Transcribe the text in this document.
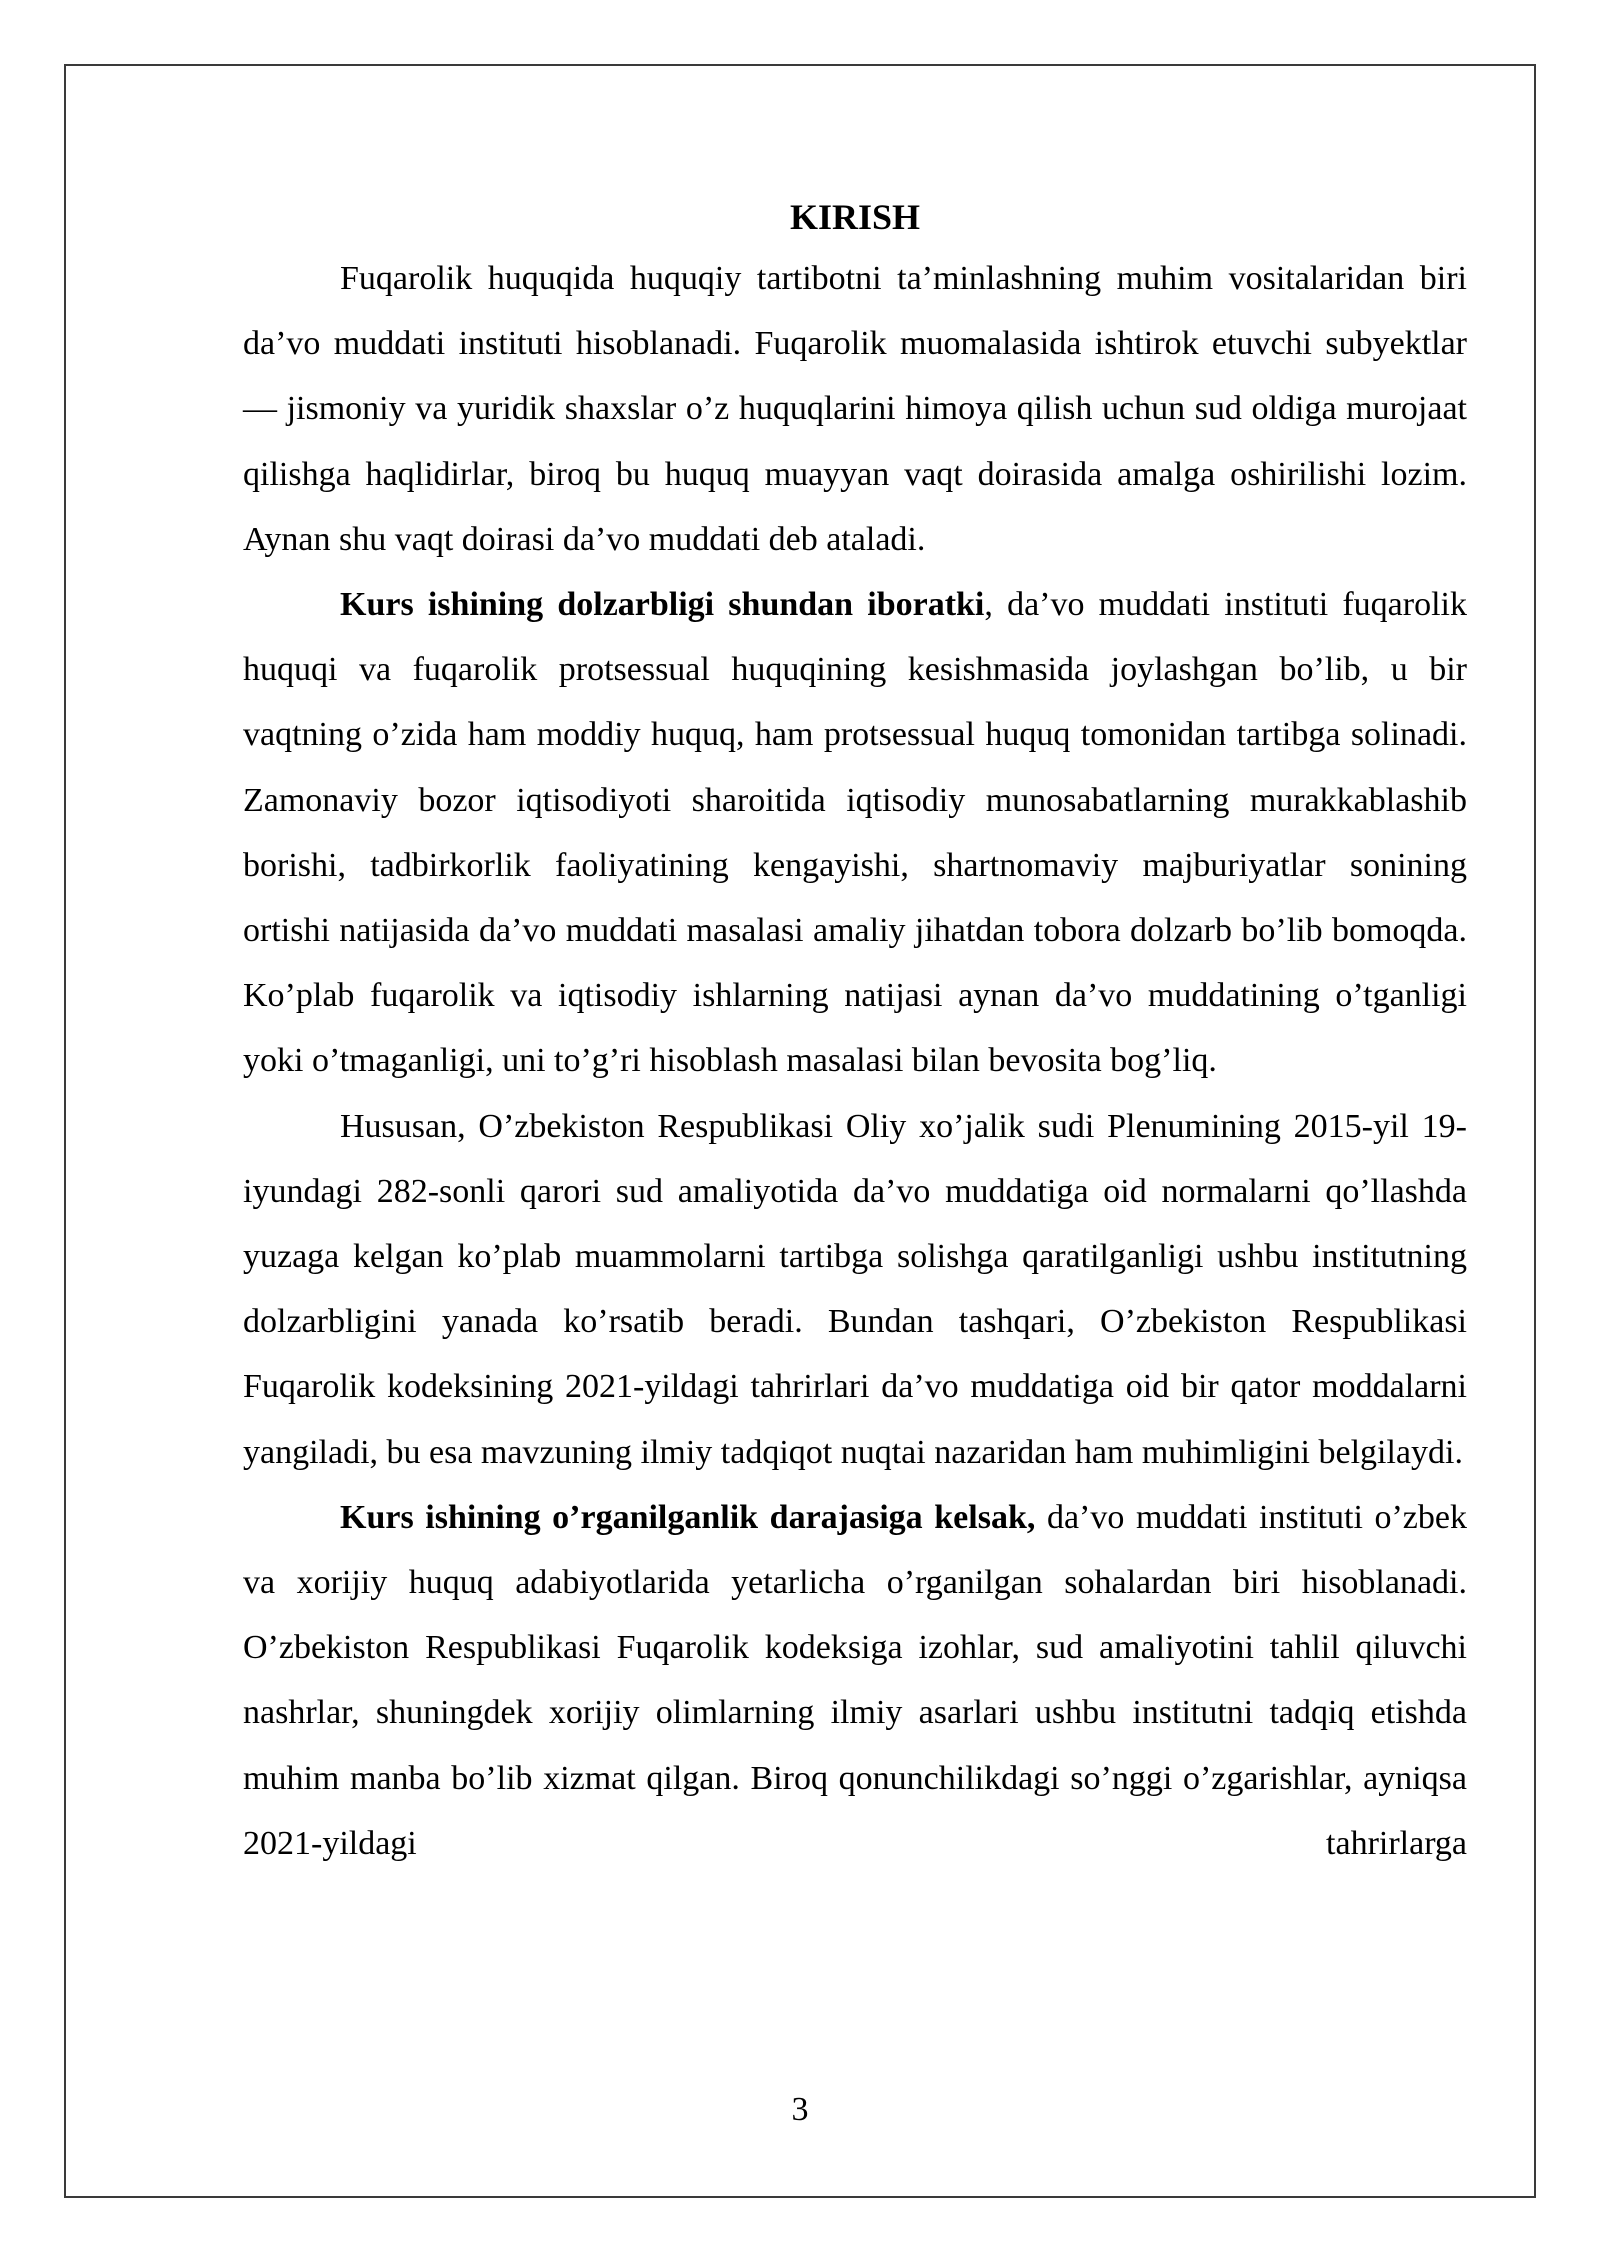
KIRISH

Fuqarolik huquqida huquqiy tartibotni ta’minlashning muhim vositalaridan biri da’vo muddati instituti hisoblanadi. Fuqarolik muomalasida ishtirok etuvchi subyektlar — jismoniy va yuridik shaxslar o’z huquqlarini himoya qilish uchun sud oldiga murojaat qilishga haqlidirlar, biroq bu huquq muayyan vaqt doirasida amalga oshirilishi lozim. Aynan shu vaqt doirasi da’vo muddati deb ataladi.

Kurs ishining dolzarbligi shundan iboratki, da’vo muddati instituti fuqarolik huquqi va fuqarolik protsessual huquqining kesishmasida joylashgan bo’lib, u bir vaqtning o’zida ham moddiy huquq, ham protsessual huquq tomonidan tartibga solinadi. Zamonaviy bozor iqtisodiyoti sharoitida iqtisodiy munosabatlarning murakkablashib borishi, tadbirkorlik faoliyatining kengayishi, shartnomaviy majburiyatlar sonining ortishi natijasida da’vo muddati masalasi amaliy jihatdan tobora dolzarb bo’lib bomoqda. Ko’plab fuqarolik va iqtisodiy ishlarning natijasi aynan da’vo muddatining o’tganligi yoki o’tmaganligi, uni to’g’ri hisoblash masalasi bilan bevosita bog’liq.

Hususan, O’zbekiston Respublikasi Oliy xo’jalik sudi Plenumining 2015-yil 19-iyundagi 282-sonli qarori sud amaliyotida da’vo muddatiga oid normalarni qo’llashda yuzaga kelgan ko’plab muammolarni tartibga solishga qaratilganligi ushbu institutning dolzarbligini yanada ko’rsatib beradi. Bundan tashqari, O’zbekiston Respublikasi Fuqarolik kodeksining 2021-yildagi tahrirlari da’vo muddatiga oid bir qator moddalarni yangiladi, bu esa mavzuning ilmiy tadqiqot nuqtai nazaridan ham muhimligini belgilaydi.

Kurs ishining o’rganilganlik darajasiga kelsak, da’vo muddati instituti o’zbek va xorijiy huquq adabiyotlarida yetarlicha o’rganilgan sohalardan biri hisoblanadi. O’zbekiston Respublikasi Fuqarolik kodeksiga izohlar, sud amaliyotini tahlil qiluvchi nashrlar, shuningdek xorijiy olimlarning ilmiy asarlari ushbu institutni tadqiq etishda muhim manba bo’lib xizmat qilgan. Biroq qonunchilikdagi so’nggi o’zgarishlar, ayniqsa 2021-yildagi tahrirlarga

3
